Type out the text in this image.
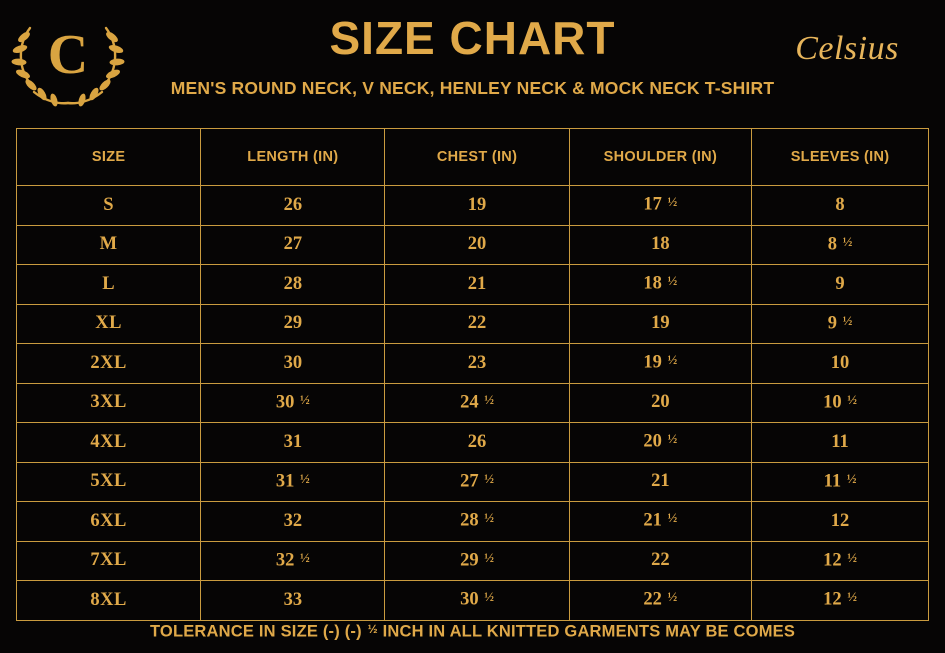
C	SIZE CHART
MEN'S ROUND NECK, V NECK, HENLEY NECK & MOCK NECK T-SHIRT
Celsius
SIZE	LENGTH (IN)	CHEST (IN)	SHOULDER (IN)	SLEEVES (IN)
S	26	19	17 ½	8
M	27	20	18	8 ½
L	28	21	18 ½	9
XL	29	22	19	9 ½
2XL	30	23	19 ½	10
3XL	30 ½	24 ½	20	10 ½
4XL	31	26	20 ½	11
5XL	31 ½	27 ½	21	11 ½
6XL	32	28 ½	21 ½	12
7XL	32 ½	29 ½	22	12 ½
8XL	33	30 ½	22 ½	12 ½
TOLERANCE IN SIZE (-) (-) $^{\frac{1}{2}}$ INCH IN ALL KNITTED GARMENTS MAY BE COMES
